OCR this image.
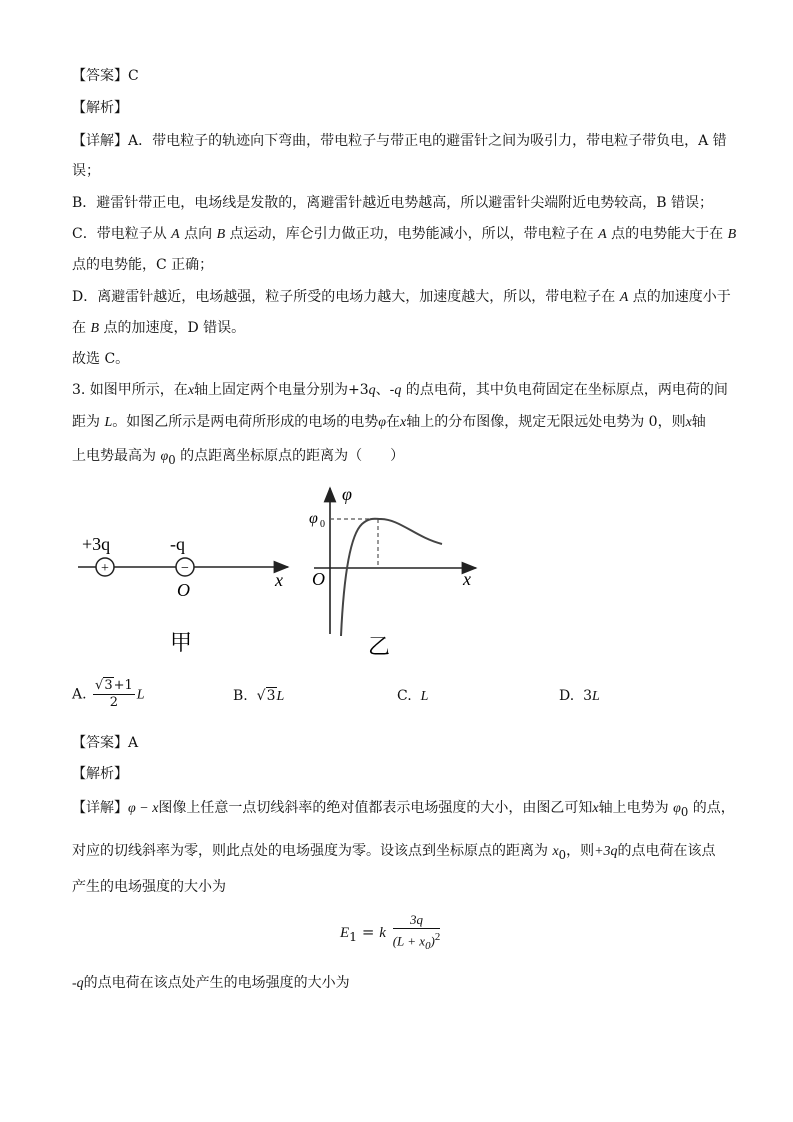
【答案】C
【解析】
【详解】A．带电粒子的轨迹向下弯曲，带电粒子与带正电的避雷针之间为吸引力，带电粒子带负电，A 错
误；
B．避雷针带正电，电场线是发散的，离避雷针越近电势越高，所以避雷针尖端附近电势较高，B 错误；
C．带电粒子从 A 点向 B 点运动，库仑引力做正功，电势能减小，所以，带电粒子在 A 点的电势能大于在 B
点的电势能，C 正确；
D．离避雷针越近，电场越强，粒子所受的电场力越大，加速度越大，所以，带电粒子在 A 点的加速度小于
在 B 点的加速度，D 错误。
故选 C。
3. 如图甲所示，在x轴上固定两个电量分别为+3q、-q 的点电荷，其中负电荷固定在坐标原点，两电荷的间
距为 L。如图乙所示是两电荷所形成的电场的电势φ在x轴上的分布图像，规定无限远处电势为 0，则x轴
上电势最高为 $\varphi_0$ 的点距离坐标原点的距离为（　　）
+	−
+3q	-q
O	x
甲
φ
φ 0
O	x
乙
A. $\frac{√3+1}{2}$ L	B.  √3L	C. L	D. 3L
【答案】A
【解析】
【详解】φ − x图像上任意一点切线斜率的绝对值都表示电场强度的大小，由图乙可知x轴上电势为 $\varphi_0$ 的点，
对应的切线斜率为零，则此点处的电场强度为零。设该点到坐标原点的距离为 $x_0$，则+3q的点电荷在该点
产生的电场强度的大小为
$E_1 = k \frac{3q}{(L + x_0)^2}$
-q的点电荷在该点处产生的电场强度的大小为
